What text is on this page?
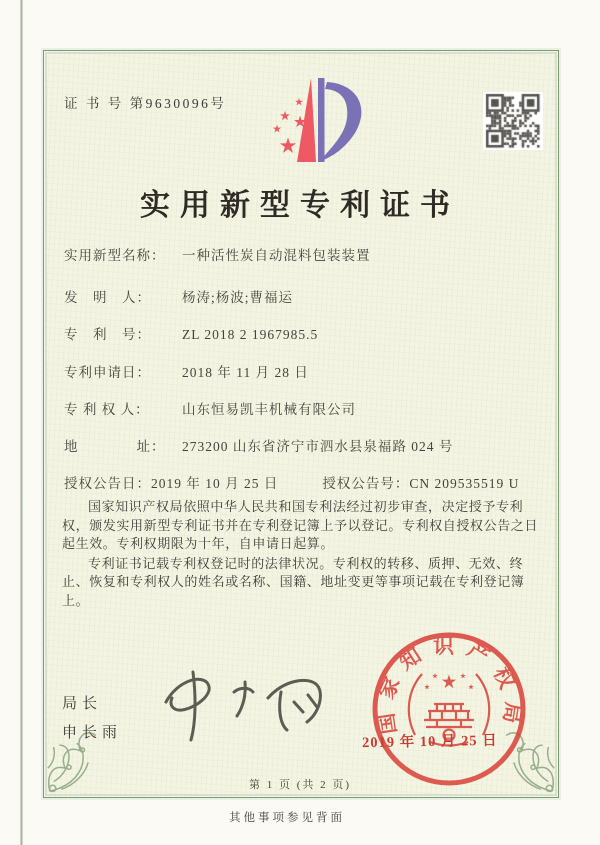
证 书 号 第9630096号
实用新型专利证书
实用新型名称： 一种活性炭自动混料包装装置
发　明　人： 杨涛;杨波;曹福运
专　利　号： ZL 2018 2 1967985.5
专利申请日： 2018 年 11 月 28 日
专 利 权 人： 山东恒易凯丰机械有限公司
地　　　　址： 273200 山东省济宁市泗水县泉福路 024 号
授权公告日：2019 年 10 月 25 日	授权公告号：CN 209535519 U

国家知识产权局依照中华人民共和国专利法经过初步审查，决定授予专利权，颁发实用新型专利证书并在专利登记簿上予以登记。专利权自授权公告之日起生效。专利权期限为十年，自申请日起算。

专利证书记载专利权登记时的法律状况。专利权的转移、质押、无效、终止、恢复和专利权人的姓名或名称、国籍、地址变更等事项记载在专利登记簿上。

局长
申长雨	国家知识产权局
2019 年 10 月 25 日
第 1 页 (共 2 页)
其他事项参见背面
